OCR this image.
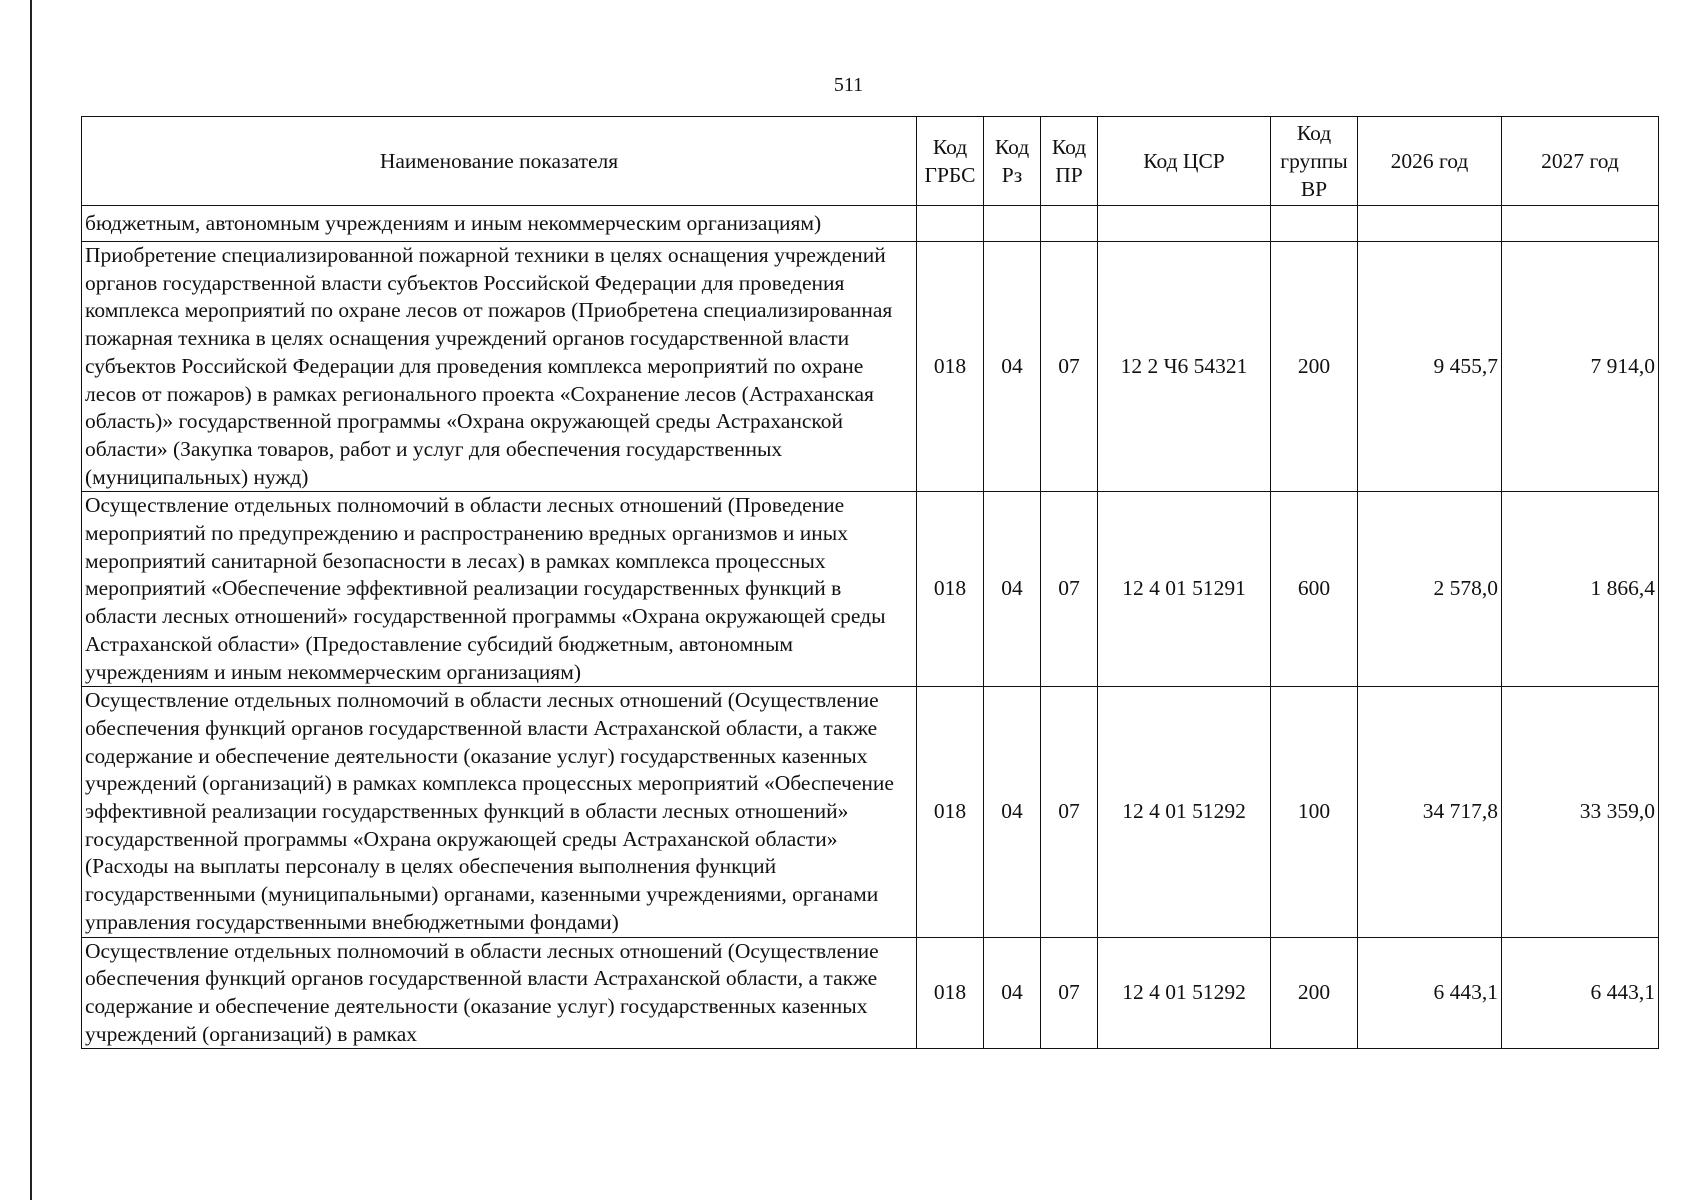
511
Наименование показателя	Код ГРБС	Код Рз	Код ПР	Код ЦСР	Код группы ВР	2026 год	2027 год
бюджетным, автономным учреждениям и иным некоммерческим организациям)							
Приобретение специализированной пожарной техники в целях оснащения учреждений органов государственной власти субъектов Российской Федерации для проведения комплекса мероприятий по охране лесов от пожаров (Приобретена специализированная пожарная техника в целях оснащения учреждений органов государственной власти субъектов Российской Федерации для проведения комплекса мероприятий по охране лесов от пожаров) в рамках регионального проекта «Сохранение лесов (Астраханская область)» государственной программы «Охрана окружающей среды Астраханской области» (Закупка товаров, работ и услуг для обеспечения государственных (муниципальных) нужд)	018	04	07	12 2 Ч6 54321	200	9 455,7	7 914,0
Осуществление отдельных полномочий в области лесных отношений (Проведение мероприятий по предупреждению и распространению вредных организмов и иных мероприятий санитарной безопасности в лесах) в рамках комплекса процессных мероприятий «Обеспечение эффективной реализации государственных функций в области лесных отношений» государственной программы «Охрана окружающей среды Астраханской области» (Предоставление субсидий бюджетным, автономным учреждениям и иным некоммерческим организациям)	018	04	07	12 4 01 51291	600	2 578,0	1 866,4
Осуществление отдельных полномочий в области лесных отношений (Осуществление обеспечения функций органов государственной власти Астраханской области, а также содержание и обеспечение деятельности (оказание услуг) государственных казенных учреждений (организаций) в рамках комплекса процессных мероприятий «Обеспечение эффективной реализации государственных функций в области лесных отношений» государственной программы «Охрана окружающей среды Астраханской области» (Расходы на выплаты персоналу в целях обеспечения выполнения функций государственными (муниципальными) органами, казенными учреждениями, органами управления государственными внебюджетными фондами)	018	04	07	12 4 01 51292	100	34 717,8	33 359,0
Осуществление отдельных полномочий в области лесных отношений (Осуществление обеспечения функций органов государственной власти Астраханской области, а также содержание и обеспечение деятельности (оказание услуг) государственных казенных учреждений (организаций) в рамках	018	04	07	12 4 01 51292	200	6 443,1	6 443,1
